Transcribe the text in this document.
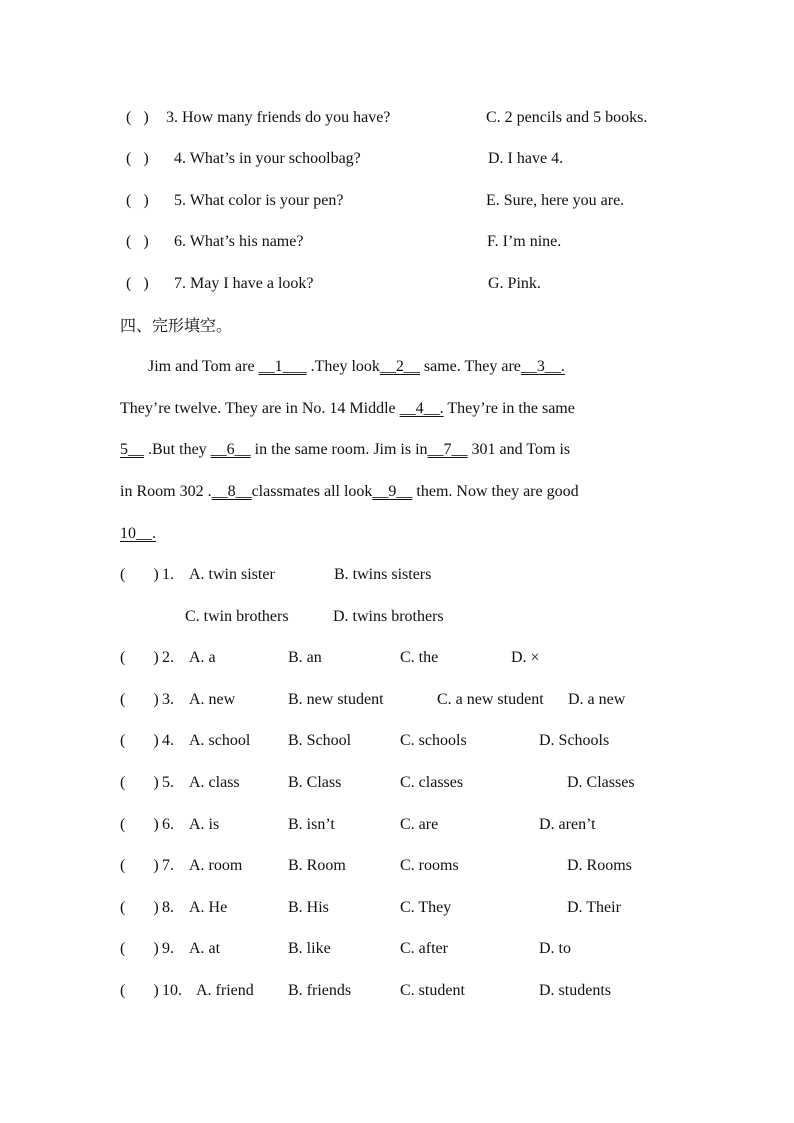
(   ) 3. How many friends do you have?	C. 2 pencils and 5 books.
(   ) 4. What’s in your schoolbag?	D. I have 4.
(   ) 5. What color is your pen?	E. Sure, here you are.
(   ) 6. What’s his name?	F. I’m nine.
(   ) 7. May I have a look?	G. Pink.
四、完形填空。
Jim and Tom are __1___ .They look__2__ same. They are__3__.
They’re twelve. They are in No. 14 Middle __4__. They’re in the same
5__ .But they __6__ in the same room. Jim is in__7__ 301 and Tom is
in Room 302 .__8__classmates all look__9__ them. Now they are good
10__.
(       ) 1. A. twin sister	B. twins sisters
C. twin brothers	D. twins brothers
(       ) 2. A. a	B. an	C. the	D. ×
(       ) 3. A. new	B. new student	C. a new student D. a new
(       ) 4. A. school B. School	C. schools	D. Schools
(       ) 5. A. class	B. Class	C. classes	D. Classes
(       ) 6. A. is	B. isn’t	C. are	D. aren’t
(       ) 7. A. room	B. Room	C. rooms	D. Rooms
(       ) 8. A. He	B. His	C. They	D. Their
(       ) 9. A. at	B. like	C. after	D. to
(       ) 10. A. friend B. friends	C. student	D. students
